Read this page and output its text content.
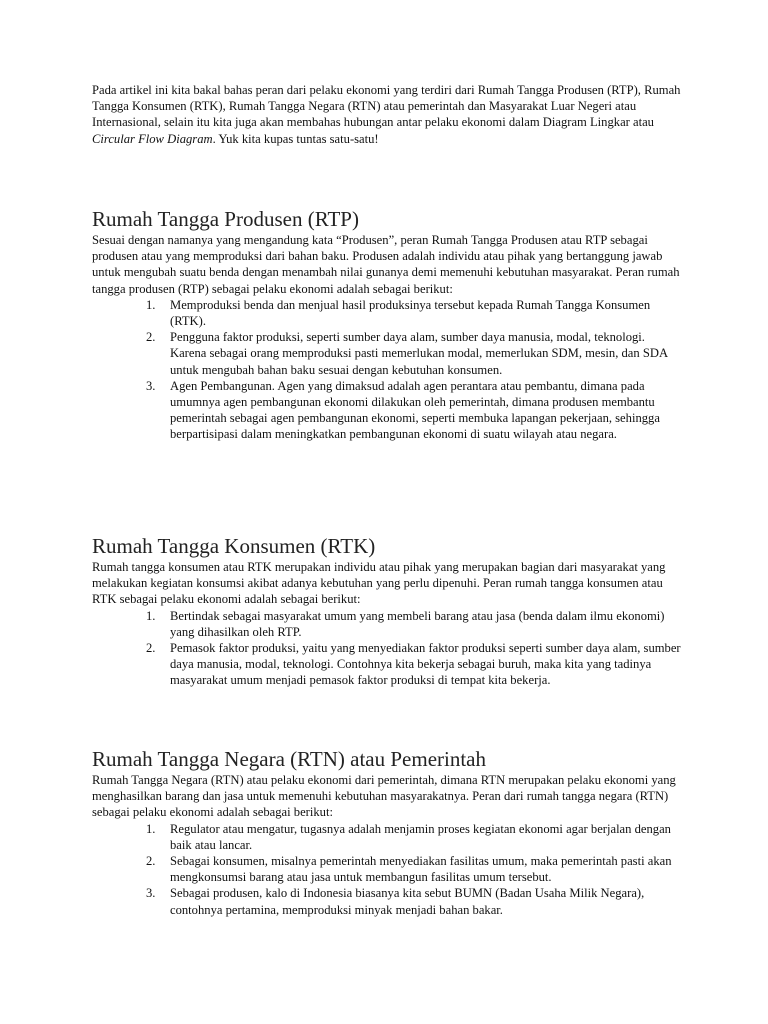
Pada artikel ini kita bakal bahas peran dari pelaku ekonomi yang terdiri dari Rumah Tangga Produsen (RTP), Rumah Tangga Konsumen (RTK), Rumah Tangga Negara (RTN) atau pemerintah dan Masyarakat Luar Negeri atau Internasional, selain itu kita juga akan membahas hubungan antar pelaku ekonomi dalam Diagram Lingkar atau Circular Flow Diagram. Yuk kita kupas tuntas satu-satu!

Rumah Tangga Produsen (RTP)

Sesuai dengan namanya yang mengandung kata “Produsen”, peran Rumah Tangga Produsen atau RTP sebagai produsen atau yang memproduksi dari bahan baku. Produsen adalah individu atau pihak yang bertanggung jawab untuk mengubah suatu benda dengan menambah nilai gunanya demi memenuhi kebutuhan masyarakat. Peran rumah tangga produsen (RTP) sebagai pelaku ekonomi adalah sebagai berikut:

1.	Memproduksi benda dan menjual hasil produksinya tersebut kepada Rumah Tangga Konsumen (RTK).
2.	Pengguna faktor produksi, seperti sumber daya alam, sumber daya manusia, modal, teknologi. Karena sebagai orang memproduksi pasti memerlukan modal, memerlukan SDM, mesin, dan SDA untuk mengubah bahan baku sesuai dengan kebutuhan konsumen.
3.	Agen Pembangunan. Agen yang dimaksud adalah agen perantara atau pembantu, dimana pada umumnya agen pembangunan ekonomi dilakukan oleh pemerintah, dimana produsen membantu pemerintah sebagai agen pembangunan ekonomi, seperti membuka lapangan pekerjaan, sehingga berpartisipasi dalam meningkatkan pembangunan ekonomi di suatu wilayah atau negara.
Rumah Tangga Konsumen (RTK)

Rumah tangga konsumen atau RTK merupakan individu atau pihak yang merupakan bagian dari masyarakat yang melakukan kegiatan konsumsi akibat adanya kebutuhan yang perlu dipenuhi. Peran rumah tangga konsumen atau RTK sebagai pelaku ekonomi adalah sebagai berikut:

1.	Bertindak sebagai masyarakat umum yang membeli barang atau jasa (benda dalam ilmu ekonomi) yang dihasilkan oleh RTP.
2.	Pemasok faktor produksi, yaitu yang menyediakan faktor produksi seperti sumber daya alam, sumber daya manusia, modal, teknologi. Contohnya kita bekerja sebagai buruh, maka kita yang tadinya masyarakat umum menjadi pemasok faktor produksi di tempat kita bekerja.
Rumah Tangga Negara (RTN) atau Pemerintah

Rumah Tangga Negara (RTN) atau pelaku ekonomi dari pemerintah, dimana RTN merupakan pelaku ekonomi yang menghasilkan barang dan jasa untuk memenuhi kebutuhan masyarakatnya. Peran dari rumah tangga negara (RTN) sebagai pelaku ekonomi adalah sebagai berikut:

1.	Regulator atau mengatur, tugasnya adalah menjamin proses kegiatan ekonomi agar berjalan dengan baik atau lancar.
2.	Sebagai konsumen, misalnya pemerintah menyediakan fasilitas umum, maka pemerintah pasti akan mengkonsumsi barang atau jasa untuk membangun fasilitas umum tersebut.
3.	Sebagai produsen, kalo di Indonesia biasanya kita sebut BUMN (Badan Usaha Milik Negara), contohnya pertamina, memproduksi minyak menjadi bahan bakar.
